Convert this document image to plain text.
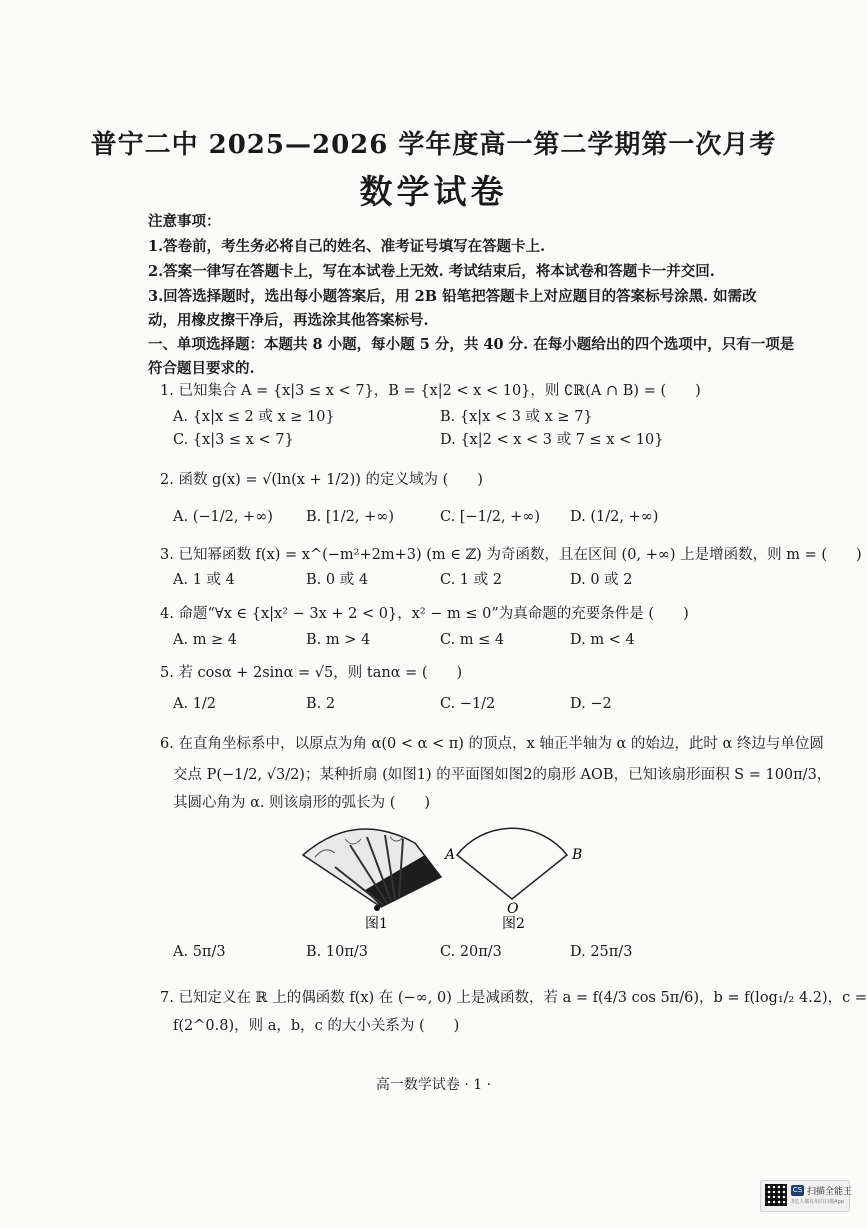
普宁二中 2025—2026 学年度高一第二学期第一次月考
数学试卷
注意事项：
1.答卷前，考生务必将自己的姓名、准考证号填写在答题卡上.
2.答案一律写在答题卡上，写在本试卷上无效. 考试结束后，将本试卷和答题卡一并交回.
3.回答选择题时，选出每小题答案后，用 2B 铅笔把答题卡上对应题目的答案标号涂黑. 如需改
动，用橡皮擦干净后，再选涂其他答案标号.
一、单项选择题：本题共 8 小题，每小题 5 分，共 40 分. 在每小题给出的四个选项中，只有一项是
符合题目要求的.
1. 已知集合 A = {x|3 ≤ x < 7}，B = {x|2 < x < 10}，则 ∁ℝ(A ∩ B) = (　　)
A. {x|x ≤ 2 或 x ≥ 10}	B. {x|x < 3 或 x ≥ 7}
C. {x|3 ≤ x < 7}	D. {x|2 < x < 3 或 7 ≤ x < 10}
2. 函数 g(x) = √(ln(x + 1/2)) 的定义域为 (　　)
A. (−1/2, +∞) B. [1/2, +∞)	C. [−1/2, +∞) D. (1/2, +∞)
3. 已知幂函数 f(x) = x^(−m²+2m+3) (m ∈ ℤ) 为奇函数，且在区间 (0, +∞) 上是增函数，则 m = (　　)
A. 1 或 4	B. 0 或 4	C. 1 或 2	D. 0 或 2
4. 命题“∀x ∈ {x|x² − 3x + 2 < 0}，x² − m ≤ 0”为真命题的充要条件是 (　　)
A. m ≥ 4	B. m > 4	C. m ≤ 4	D. m < 4
5. 若 cosα + 2sinα = √5，则 tanα = (　　)
A. 1/2	B. 2	C. −1/2	D. −2
6. 在直角坐标系中，以原点为角 α(0 < α < π) 的顶点，x 轴正半轴为 α 的始边，此时 α 终边与单位圆
交点 P(−1/2, √3/2)；某种折扇 (如图1) 的平面图如图2的扇形 AOB，已知该扇形面积 S = 100π/3，
其圆心角为 α. 则该扇形的弧长为 (　　)
图1
A	B
O
图2
A. 5π/3	B. 10π/3	C. 20π/3	D. 25π/3
7. 已知定义在 ℝ 上的偶函数 f(x) 在 (−∞, 0) 上是减函数，若 a = f(4/3 cos 5π/6)，b = f(log₁/₂ 4.2)，c =
f(2^0.8)，则 a，b，c 的大小关系为 (　　)
高一数学试卷 · 1 ·
CS 扫描全能王
3亿人都在用的扫描App
